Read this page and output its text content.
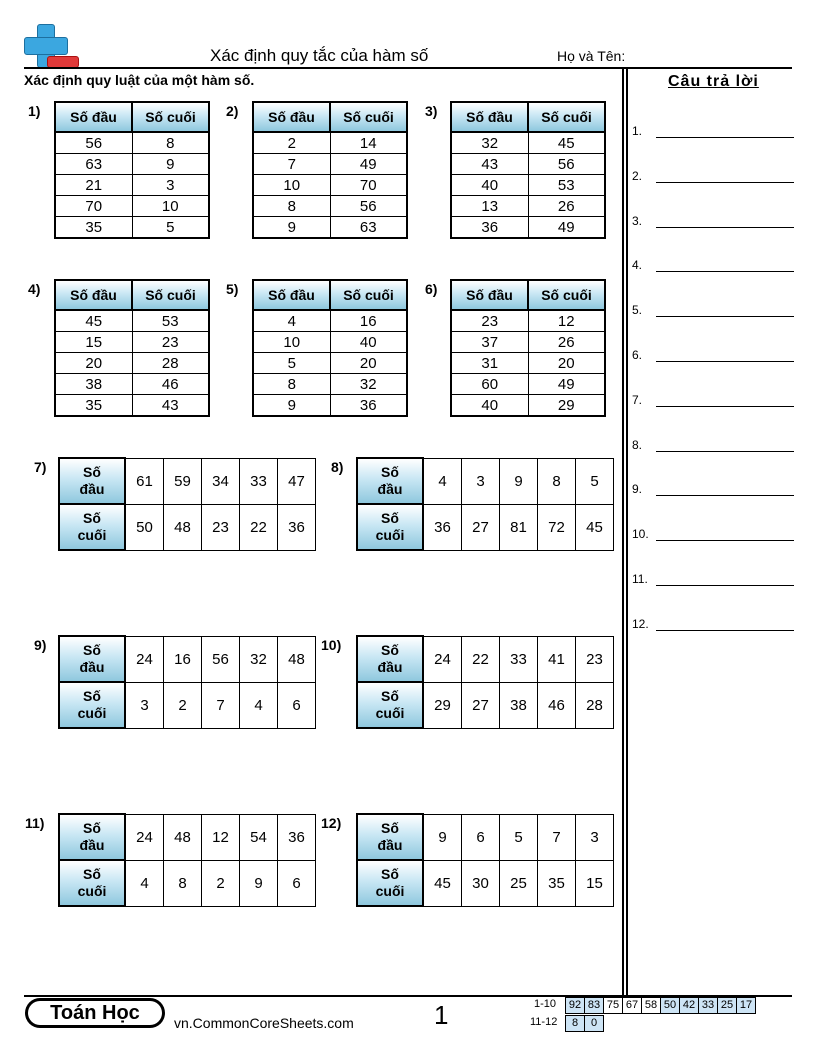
Xác định quy tắc của hàm số	Họ và Tên:
Xác định quy luật của một hàm số.	Câu trả lời
1.
2.
3.
4.
5.
6.
7.
8.
9.
10.
11.
12.
1) Số đầu	Số cuối
56	8
63	9
21	3
70	10
35	5
2) Số đầu	Số cuối
2	14
7	49
10	70
8	56
9	63
3) Số đầu	Số cuối
32	45
43	56
40	53
13	26
36	49
4) Số đầu	Số cuối
45	53
15	23
20	28
38	46
35	43
5) Số đầu	Số cuối
4	16
10	40
5	20
8	32
9	36
6) Số đầu	Số cuối
23	12
37	26
31	20
60	49
40	29
7)	Số
đầu	61	59	34	33	47
Số
cuối	50	48	23	22	36
8)	Số
đầu	4	3	9	8	5
Số
cuối	36	27	81	72	45
9)	Số
đầu	24	16	56	32	48
Số
cuối	3	2	7	4	6
10)	Số
đầu	24	22	33	41	23
Số
cuối	29	27	38	46	28
11)	Số
đầu	24	48	12	54	36
Số
cuối	4	8	2	9	6
12)	Số
đầu	9	6	5	7	3
Số
cuối	45	30	25	35	15
Toán Học	vn.CommonCoreSheets.com	1	1-10
11-12
92 83 75 67 58 50 42 33 25 17
8	0
